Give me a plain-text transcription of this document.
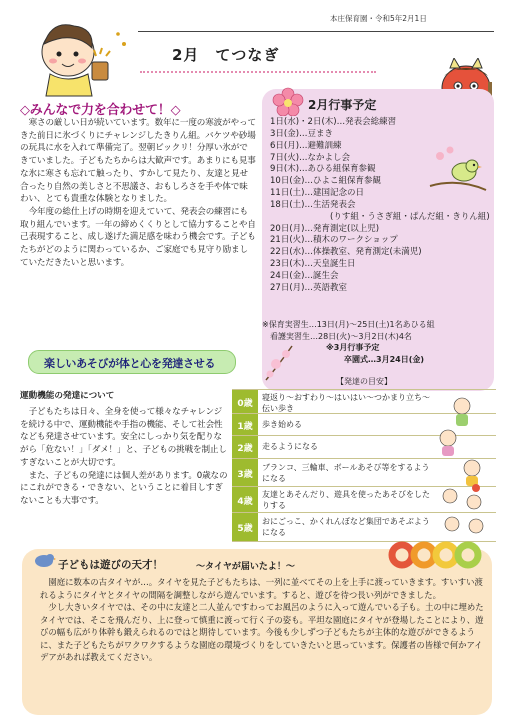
本庄保育園・令和5年2月1日
2月　てつなぎ
◇みんなで力を合わせて！◇

寒さの厳しい日が続いています。数年に一度の寒波がやってきた前日に氷づくりにチャレンジしたきりん組。バケツや砂場の玩具に水を入れて準備完了。翌朝ビックリ！分厚い氷ができていました。子どもたちからは大歓声です。あまりにも見事な氷に寒さも忘れて触ったり、すかして見たり、友達と見せ合ったり自然の美しさと不思議さ、おもしろさを手や体で味わい、とても貴重な体験となりました。

今年度の総仕上げの時期を迎えていて、発表会の練習にも取り組んでいます。一年の締めくくりとして協力することや自己表現すること、成し遂げた満足感を味わう機会です。子どもたちがどのように関わっているか、ご家庭でも見守り励ましていただきたいと思います。

2月行事予定
1日(水)・2日(木)…発表会総練習
3日(金)…豆まき
6日(月)…避難訓練
7日(火)…なかよし会
9日(木)…あひる組保育参観
10日(金)…ひよこ組保育参観
11日(土)…建国記念の日
18日(土)…生活発表会
(りす組・うさぎ組・ぱんだ組・きりん組)
20日(月)…発育測定(以上児)
21日(火)…積木のワークショップ
22日(水)…体操教室、発育測定(未満児)
23日(木)…天皇誕生日
24日(金)…誕生会
27日(月)…英語教室
※保育実習生…13日(月)～25日(土)1名あひる組
　看護実習生…28日(火)～3月2日(木)4名
※3月行事予定
卒園式…3月24日(金)
楽しいあそびが体と心を発達させる
運動機能の発達について

子どもたちは日々、全身を使って様々なチャレンジを続ける中で、運動機能や手指の機能、そして社会性なども発達させています。安全にしっかり気を配りながら「危ない！」「ダメ！」と、子どもの挑戦を制止しすぎないことが大切です。

また、子どもの発達には個人差があります。0歳なのにこれができる・できない、ということに着目しすぎないことも大事です。

【発達の目安】
0歳
寝返り～おすわり～はいはい～つかまり立ち～伝い歩き
1歳	歩き始める
2歳	走るようになる
3歳
ブランコ、三輪車、ボールあそび等をするようになる
4歳
友達とあそんだり、遊具を使ったあそびをしたりする
5歳
おにごっこ、かくれんぼなど集団であそぶようになる
子どもは遊びの天才！	～タイヤが届いたよ！～

園庭に数本の古タイヤが…。タイヤを見た子どもたちは、一列に並べてその上を上手に渡っていきます。すいすい渡れるようにタイヤとタイヤの間隔を調整しながら遊んでいます。すると、遊びを待つ長い列ができました。

少し大きいタイヤでは、その中に友達と二人並んですわってお風呂のように入って遊んでいる子も。土の中に埋めたタイヤでは、そこを飛んだり、上に登って慎重に渡って行く子の姿も。平坦な園庭にタイヤが登場したことにより、遊びの幅も広がり体幹も鍛えられるのではと期待しています。今後も少しずつ子どもたちが主体的な遊びができるように、また子どもたちがワクワクするような園庭の環境づくりをしていきたいと思っています。保護者の皆様で何かアイデアがあれば教えてください。
